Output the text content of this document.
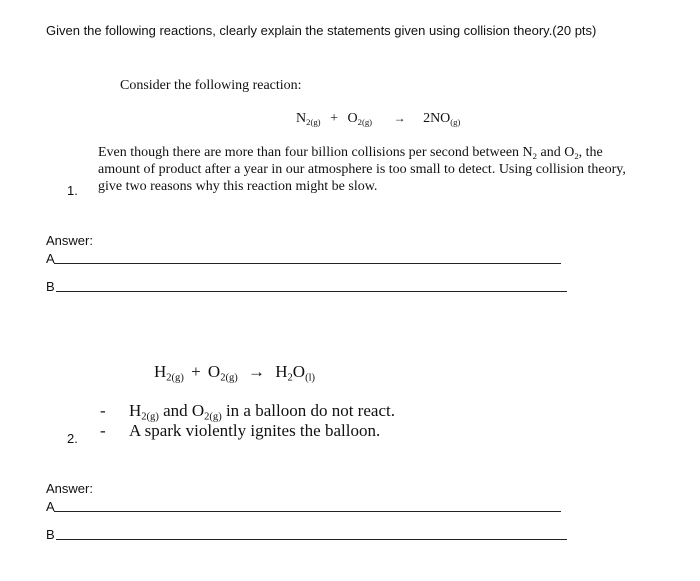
Given the following reactions, clearly explain the statements given using collision theory.(20 pts)
Consider the following reaction:
$N_{2(g)} + O_{2(g)} \to 2NO_{(g)}$
Even though there are more than four billion collisions per second between $N_2$ and $O_2$, the
amount of product after a year in our atmosphere is too small to detect. Using collision theory,
give two reasons why this reaction might be slow.
1.
Answer:
A
B
$H_{2(g)} + O_{2(g)} \to H_2O_{(l)}$
- $H_{2(g)}$ and $O_{2(g)}$ in a balloon do not react.
- A spark violently ignites the balloon.
2.
Answer:
A
B
